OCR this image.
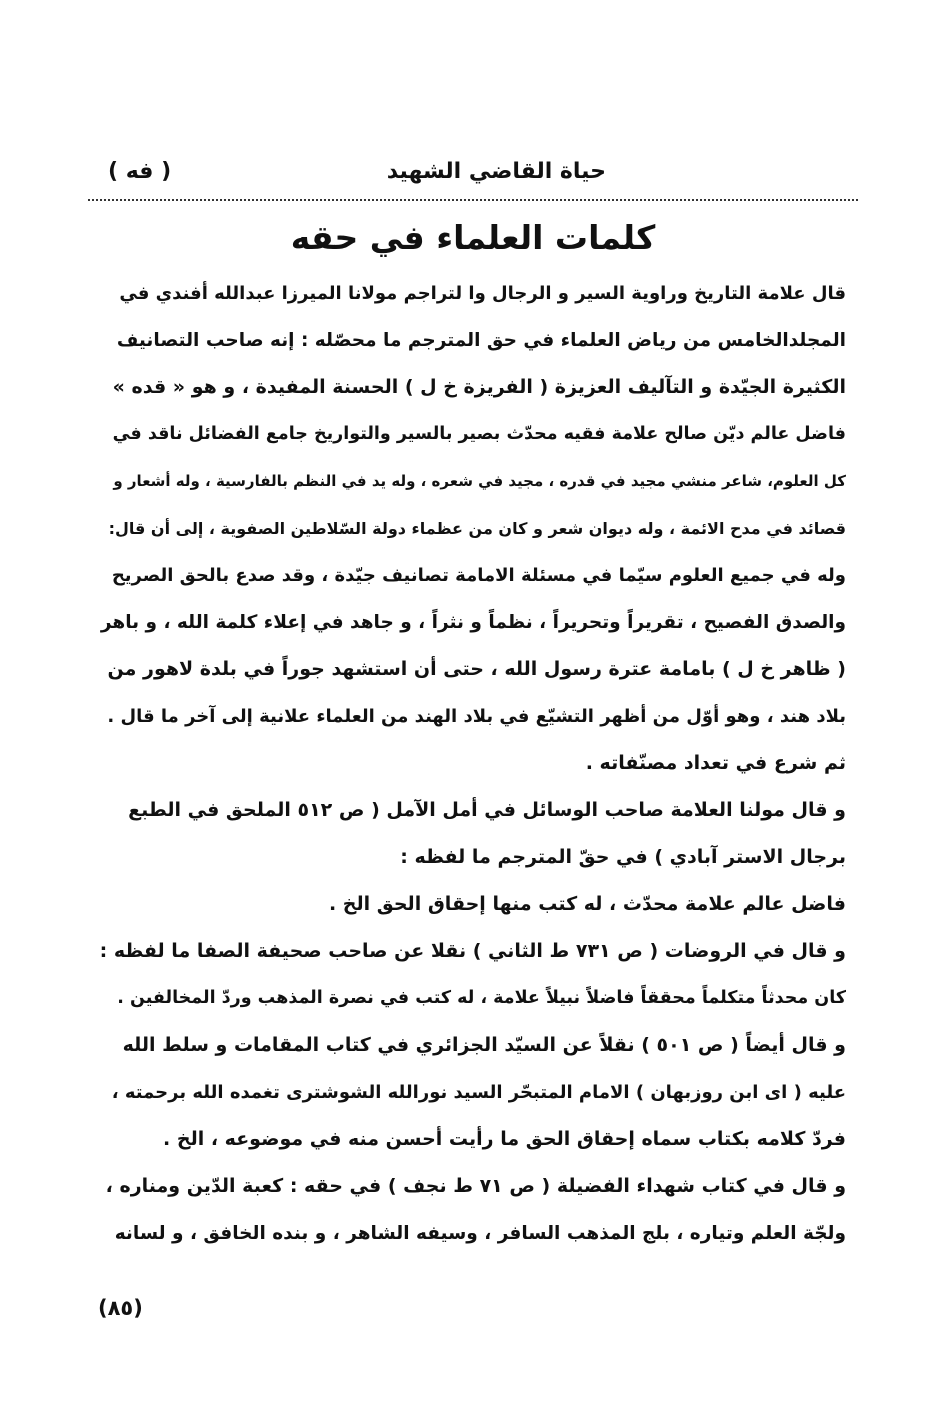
حياة القاضي الشهيد
( فه )
كلمات العلماء في حقه
قال علامة التاريخ وراوية السير و الرجال وا لتراجم مولانا الميرزا عبدالله أفندي في
المجلدالخامس من رياض العلماء في حق المترجم ما محصّله : إنه صاحب التصانيف
الكثيرة الجيّدة و التآليف العزيزة ( الفريزة خ ل ) الحسنة المفيدة ، و هو « قده »
فاضل عالم ديّن صالح علامة فقيه محدّث بصير بالسير والتواريخ جامع الفضائل ناقد في
كل العلوم، شاعر منشي مجيد في قدره ، مجيد في شعره ، وله يد في النظم بالفارسية ، وله أشعار و
قصائد في مدح الائمة ، وله ديوان شعر و كان من عظماء دولة السّلاطين الصفوية ، إلى أن قال:
وله في جميع العلوم سيّما في مسئلة الامامة تصانيف جيّدة ، وقد صدع بالحق الصريح
والصدق الفصيح ، تقريراً وتحريراً ، نظماً و نثراً ، و جاهد في إعلاء كلمة الله ، و باهر
( ظاهر خ ل ) بامامة عترة رسول الله ، حتى أن استشهد جوراً في بلدة لاهور من
بلاد هند ، وهو أوّل من أظهر التشيّع في بلاد الهند من العلماء علانية إلى آخر ما قال .
ثم شرع في تعداد مصنّفاته .
و قال مولنا العلامة صاحب الوسائل في أمل الآمل ( ص ٥١٢ الملحق في الطبع
برجال الاستر آبادي ) في حقّ المترجم ما لفظه :
فاضل عالم علامة محدّث ، له كتب منها إحقاق الحق الخ .
و قال في الروضات ( ص ٧٣١ ط الثاني ) نقلا عن صاحب صحيفة الصفا ما لفظه :
كان محدثاً متكلماً محققاً فاضلاً نبيلاً علامة ، له كتب في نصرة المذهب وردّ المخالفين .
و قال أيضاً ( ص ٥٠١ ) نقلاً عن السيّد الجزائري في كتاب المقامات و سلط الله
عليه ( اى ابن روزبهان ) الامام المتبحّر السيد نورالله الشوشترى تغمده الله برحمته ،
فردّ كلامه بكتاب سماه إحقاق الحق ما رأيت أحسن منه في موضوعه ، الخ .
و قال في كتاب شهداء الفضيلة ( ص ٧١ ط نجف ) في حقه : كعبة الدّين ومناره ،
ولجّة العلم وتياره ، بلج المذهب السافر ، وسيفه الشاهر ، و بنده الخافق ، و لسانه
(٨٥)
